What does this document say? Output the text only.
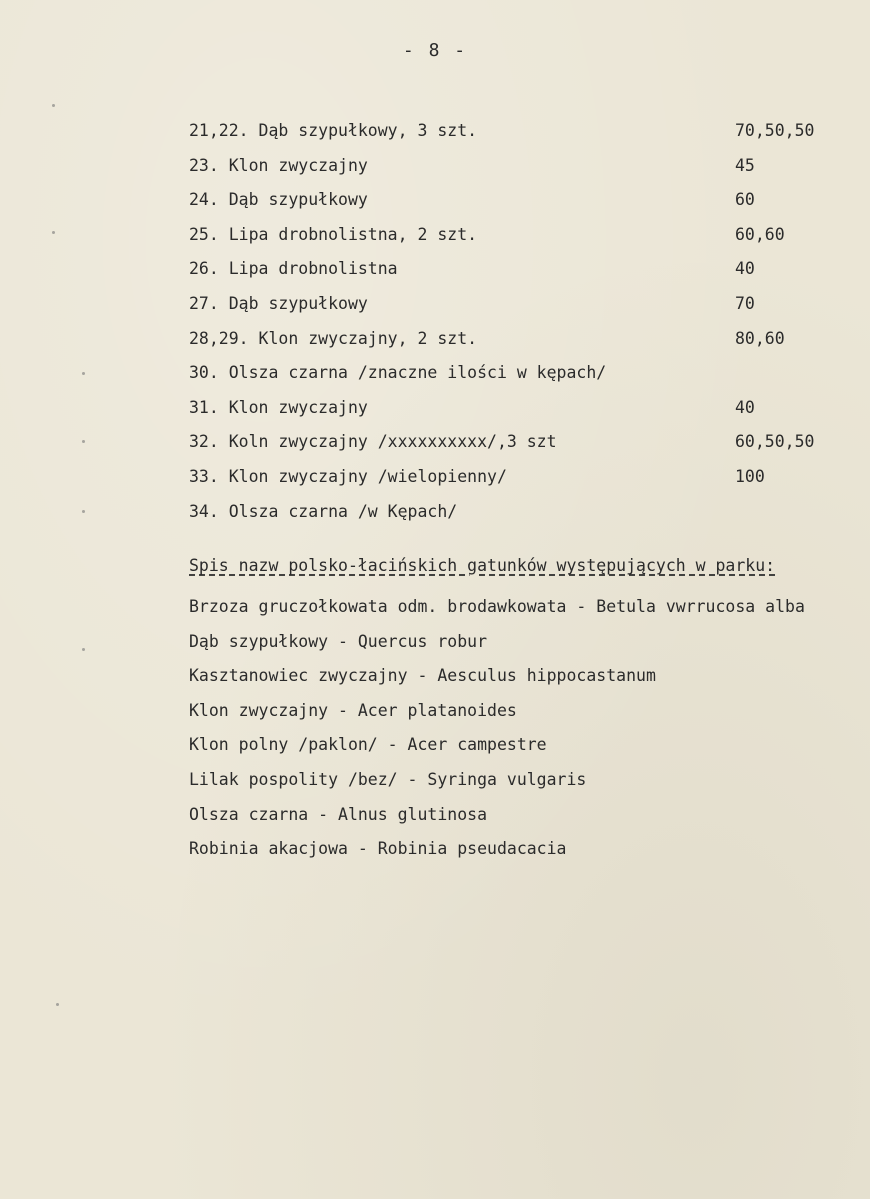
- 8 -
21,22. Dąb szypułkowy, 3 szt.	70,50,50
23. Klon zwyczajny	45
24. Dąb szypułkowy	60
25. Lipa drobnolistna, 2 szt.	60,60
26. Lipa drobnolistna	40
27. Dąb szypułkowy	70
28,29. Klon zwyczajny, 2 szt.	80,60
30. Olsza czarna /znaczne ilości w kępach/
31. Klon zwyczajny	40
32. Koln zwyczajny /xxxxxxxxxx/,3 szt	60,50,50
33. Klon zwyczajny /wielopienny/	100
34. Olsza czarna /w Kępach/
Spis nazw polsko-łacińskich gatunków występujących w parku:
Brzoza gruczołkowata odm. brodawkowata - Betula vwrrucosa alba
Dąb szypułkowy - Quercus robur
Kasztanowiec zwyczajny - Aesculus hippocastanum
Klon zwyczajny - Acer platanoides
Klon polny /paklon/ - Acer campestre
Lilak pospolity /bez/ - Syringa vulgaris
Olsza czarna - Alnus glutinosa
Robinia akacjowa - Robinia pseudacacia
